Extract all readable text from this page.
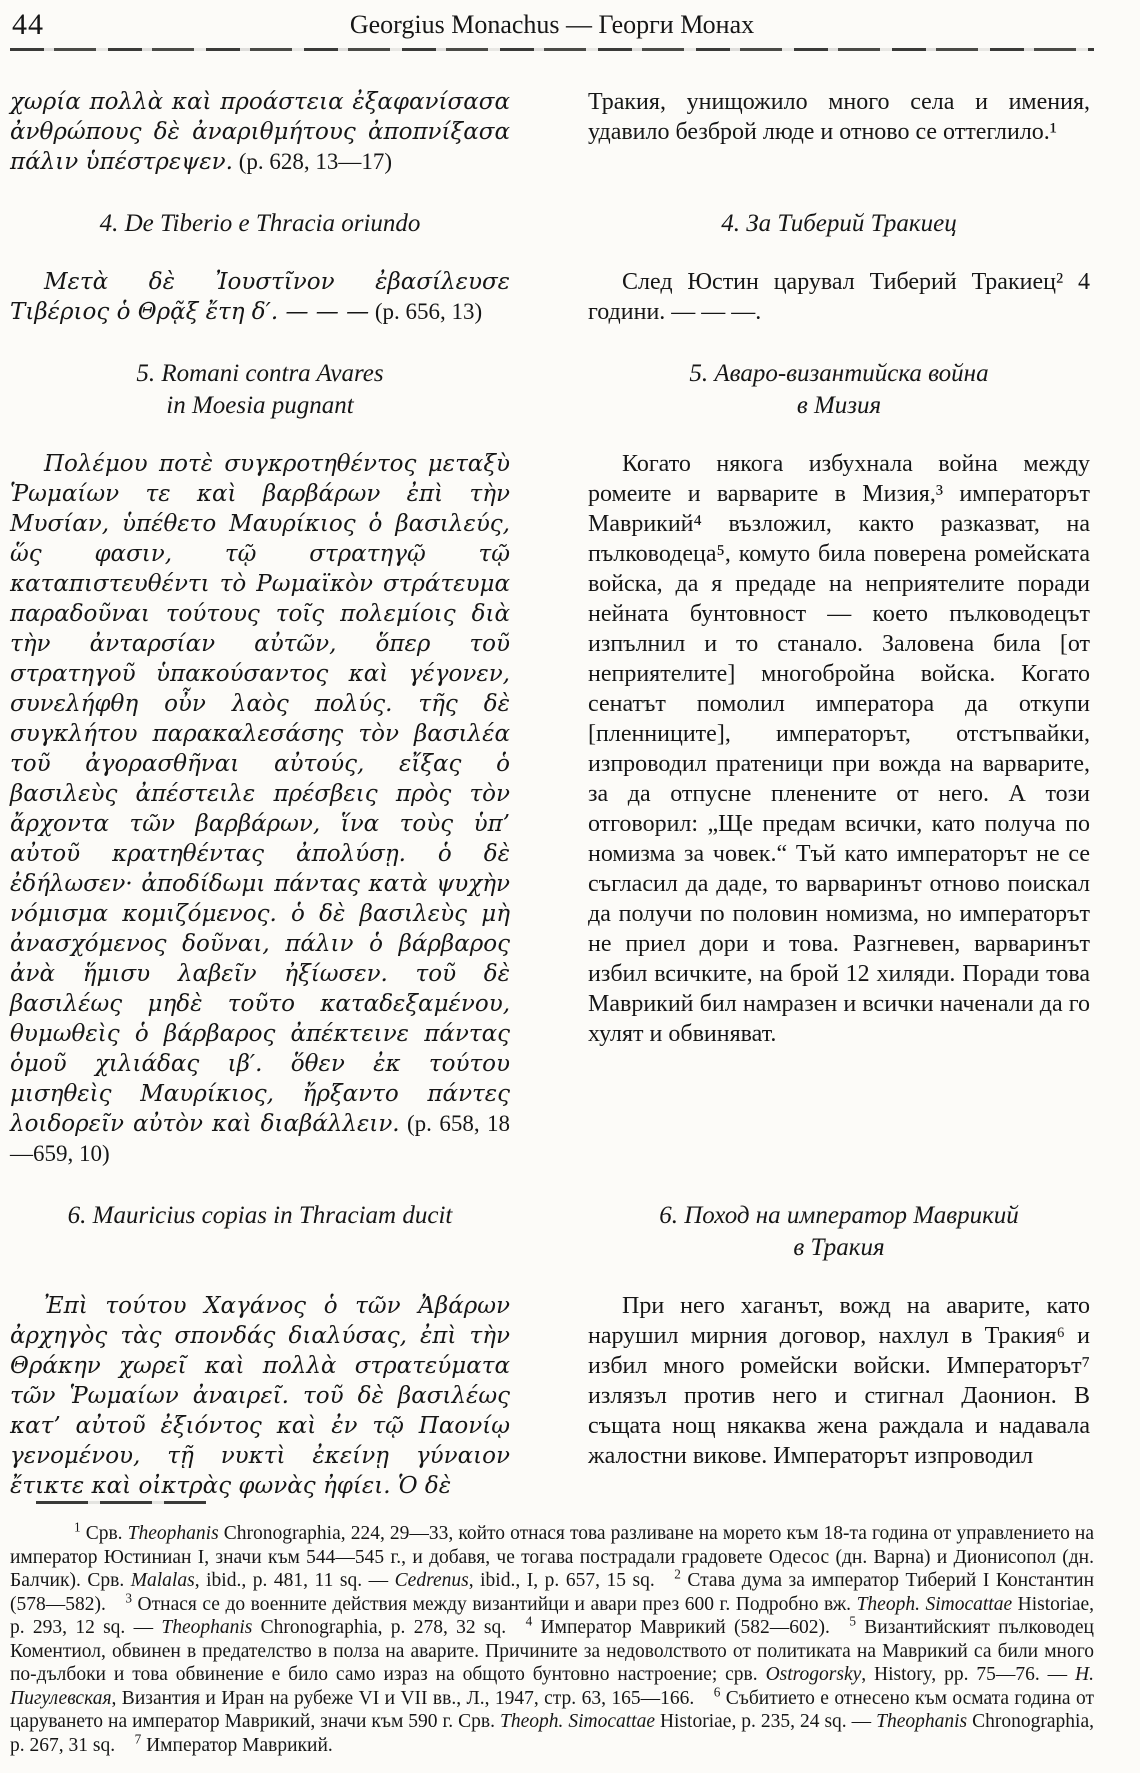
44	Georgius Monachus — Георги Монах

χωρία πολλὰ καὶ προάστεια ἐξαφανίσασα ἀνθρώπους δὲ ἀναριθμήτους ἀποπνίξασα πάλιν ὑπέστρεψεν. (p. 628, 13—17)

4. De Tiberio e Thracia oriundo

Μετὰ δὲ Ἰουστῖνον ἐβασίλευσε Τιβέριος ὁ Θρᾷξ ἔτη δ′. — — — (p. 656, 13)

5. Romani contra Avares
in Moesia pugnant

Πολέμου ποτὲ συγκροτηθέντος μεταξὺ Ῥωμαίων τε καὶ βαρβάρων ἐπὶ τὴν Μυσίαν, ὑπέθετο Μαυρίκιος ὁ βασιλεύς, ὥς φασιν, τῷ στρατηγῷ τῷ καταπιστευθέντι τὸ Ρωμαϊκὸν στράτευμα παραδοῦναι τούτους τοῖς πολεμίοις διὰ τὴν ἀνταρσίαν αὐτῶν, ὅπερ τοῦ στρατηγοῦ ὑπακούσαντος καὶ γέγονεν, συνελήφθη οὖν λαὸς πολύς. τῆς δὲ συγκλήτου παρακαλεσάσης τὸν βασιλέα τοῦ ἀγορασθῆναι αὐτούς, εἴξας ὁ βασιλεὺς ἀπέστειλε πρέσβεις πρὸς τὸν ἄρχοντα τῶν βαρβάρων, ἵνα τοὺς ὑπ’ αὐτοῦ κρατηθέντας ἀπολύσῃ. ὁ δὲ ἐδήλωσεν· ἀποδίδωμι πάντας κατὰ ψυχὴν νόμισμα κομιζόμενος. ὁ δὲ βασιλεὺς μὴ ἀνασχόμενος δοῦναι, πάλιν ὁ βάρβαρος ἀνὰ ἥμισυ λαβεῖν ἠξίωσεν. τοῦ δὲ βασιλέως μηδὲ τοῦτο καταδεξαμένου, θυμωθεὶς ὁ βάρβαρος ἀπέκτεινε πάντας ὁμοῦ χιλιάδας ιβ′. ὅθεν ἐκ τούτου μισηθεὶς Μαυρίκιος, ἤρξαντο πάντες λοιδορεῖν αὐτὸν καὶ διαβάλλειν. (p. 658, 18—659, 10)

6. Mauricius copias in Thraciam ducit

Ἐπὶ τούτου Χαγάνος ὁ τῶν Ἀβάρων ἀρχηγὸς τὰς σπονδάς διαλύσας, ἐπὶ τὴν Θράκην χωρεῖ καὶ πολλὰ στρατεύματα τῶν Ῥωμαίων ἀναιρεῖ. τοῦ δὲ βασιλέως κατ’ αὐτοῦ ἐξιόντος καὶ ἐν τῷ Παονίῳ γενομένου, τῇ νυκτὶ ἐκείνῃ γύναιον ἔτικτε καὶ οἰκτρὰς φωνὰς ἠφίει. Ὁ δὲ

Тракия, унищожило много села и имения, удавило безброй люде и отново се оттеглило.¹

4. За Тиберий Тракиец

След Юстин царувал Тиберий Тракиец² 4 години. — — —.

5. Аваро-византийска война
в Мизия

Когато някога избухнала война между ромеите и варварите в Мизия,³ императорът Маврикий⁴ възложил, както разказват, на пълководеца⁵, комуто била поверена ромейската войска, да я предаде на неприятелите поради нейната бунтовност — което пълководецът изпълнил и то станало. Заловена била [от неприятелите] многобройна войска. Когато сенатът помолил императора да откупи [пленниците], императорът, отстъпвайки, изпроводил пратеници при вожда на варварите, за да отпусне пленените от него. А този отговорил: „Ще предам всички, като получа по номизма за човек.“ Тъй като императорът не се съгласил да даде, то варваринът отново поискал да получи по половин номизма, но императорът не приел дори и това. Разгневен, варваринът избил всичките, на брой 12 хиляди. Поради това Маврикий бил намразен и всички наченали да го хулят и обвиняват.

6. Поход на император Маврикий
в Тракия

При него хаганът, вожд на аварите, като нарушил мирния договор, нахлул в Тракия⁶ и избил много ромейски войски. Императорът⁷ излязъл против него и стигнал Даонион. В същата нощ някаква жена раждала и надавала жалостни викове. Императорът изпроводил

$^1$ Срв. Theophanis Chronographia, 224, 29—33, който отнася това разливане на морето към 18-та година от управлението на император Юстиниан I, значи към 544—545 г., и добавя, че тогава пострадали градовете Одесос (дн. Варна) и Дионисопол (дн. Балчик). Срв. Malalas, ibid., p. 481, 11 sq. — Cedrenus, ibid., I, p. 657, 15 sq.  $^2$ Става дума за император Тиберий I Константин (578—582).  $^3$ Отнася се до военните действия между византийци и авари през 600 г. Подробно вж. Theoph. Simocattae Historiae, p. 293, 12 sq. — Theophanis Chronographia, p. 278, 32 sq.  $^4$ Император Маврикий (582—602).  $^5$ Византийският пълководец Коментиол, обвинен в предателство в полза на аварите. Причините за недоволството от политиката на Маврикий са били много по-дълбоки и това обвинение е било само израз на общото бунтовно настроение; срв. Ostrogorsky, History, pp. 75—76. — Н. Пигулевская, Византия и Иран на рубеже VI и VII вв., Л., 1947, стр. 63, 165—166.  $^6$ Събитието е отнесено към осмата година от царуването на император Маврикий, значи към 590 г. Срв. Theoph. Simocattae Historiae, p. 235, 24 sq. — Theophanis Chronographia, p. 267, 31 sq.  $^7$ Император Маврикий.
